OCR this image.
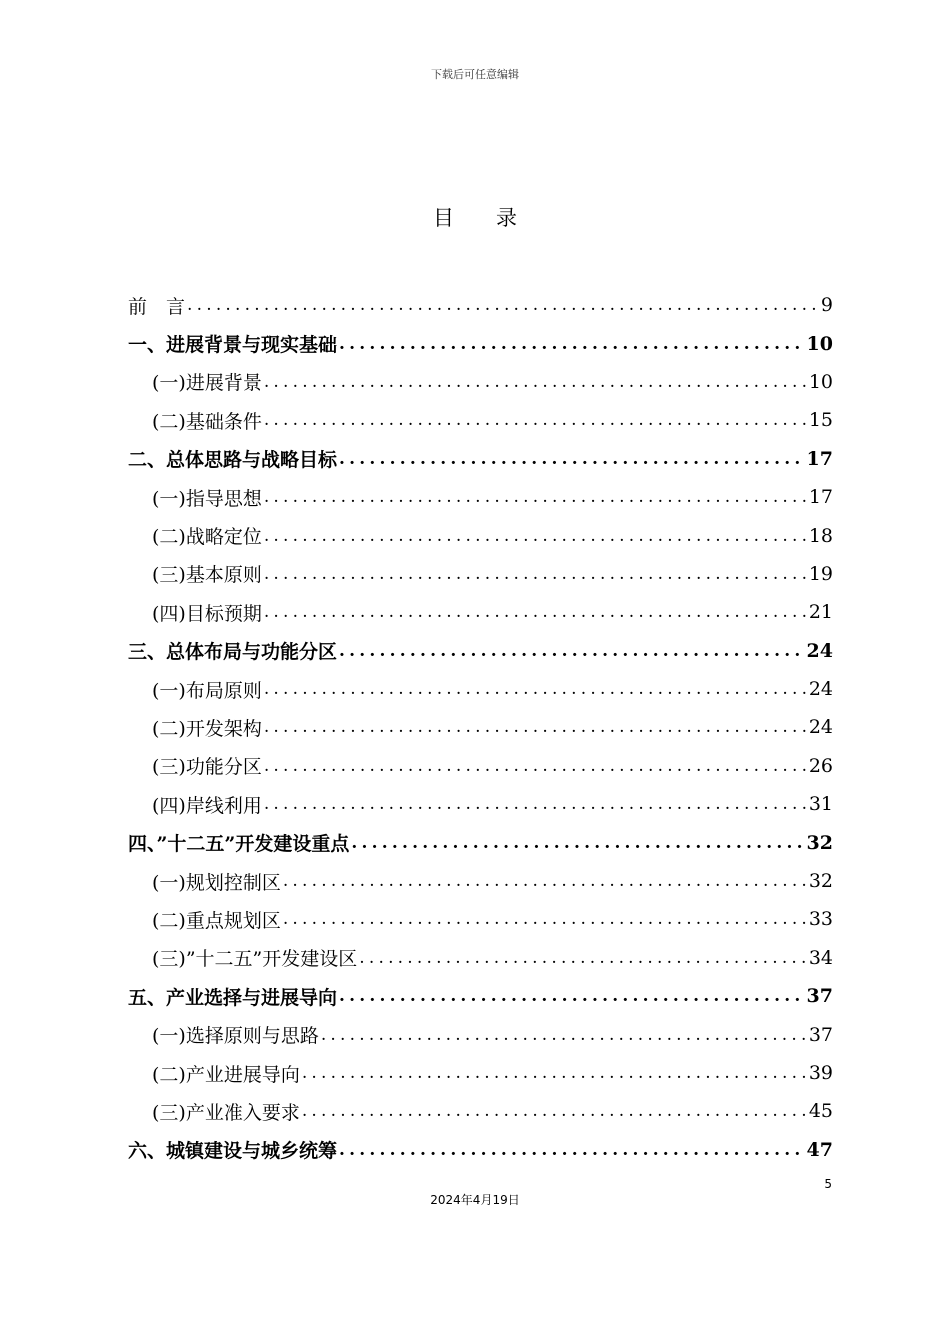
下载后可任意编辑
目 录
前　言 .....	9
一、进展背景与现实基础 .....	10
(一)进展背景 .....	10
(二)基础条件 .....	15
二、总体思路与战略目标 .....	17
(一)指导思想 .....	17
(二)战略定位 .....	18
(三)基本原则 .....	19
(四)目标预期 .....	21
三、总体布局与功能分区 .....	24
(一)布局原则 .....	24
(二)开发架构 .....	24
(三)功能分区 .....	26
(四)岸线利用 .....	31
四、”十二五”开发建设重点 .....	32
(一)规划控制区 .....	32
(二)重点规划区 .....	33
(三)”十二五”开发建设区 .....	34
五、产业选择与进展导向 .....	37
(一)选择原则与思路 .....	37
(二)产业进展导向 .....	39
(三)产业准入要求 .....	45
六、城镇建设与城乡统筹 .....	47
5
2024年4月19日
